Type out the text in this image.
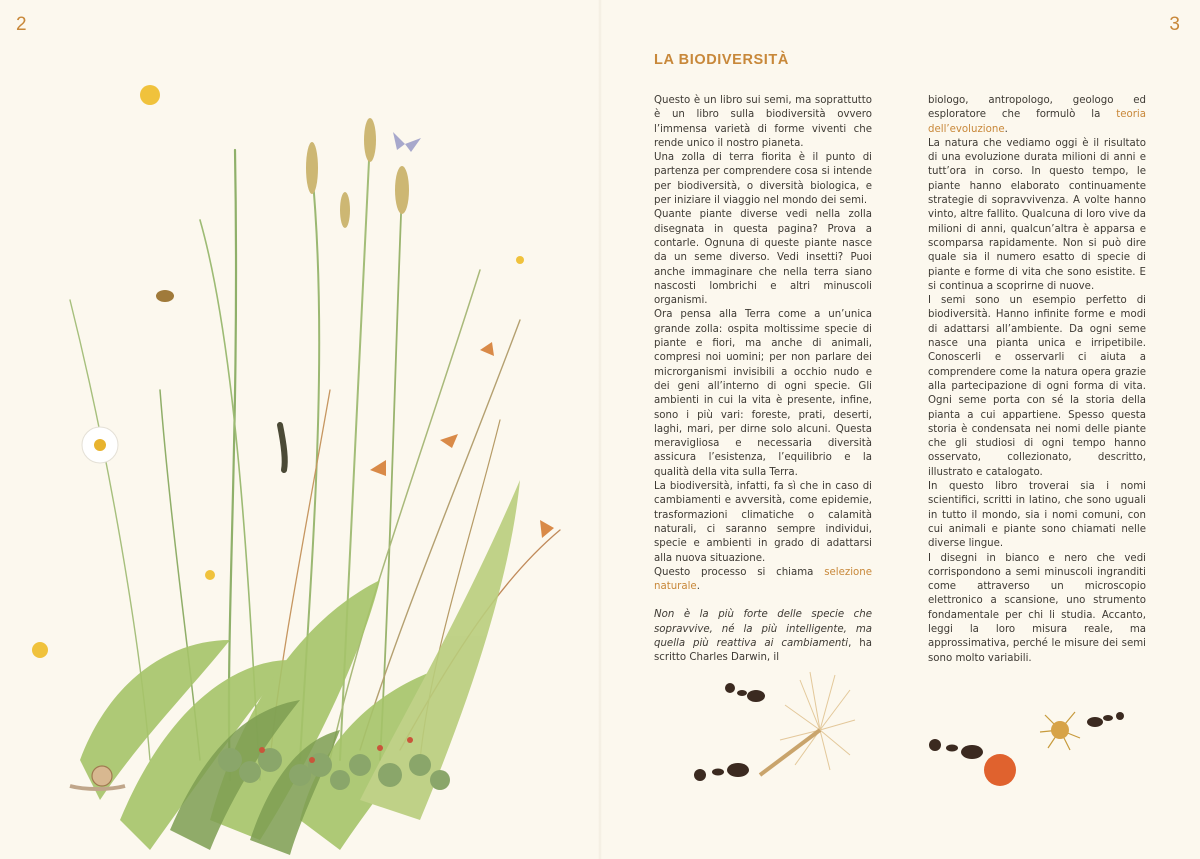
2	3
LA BIODIVERSITÀ

Questo è un libro sui semi, ma soprattutto è un libro sulla biodiversità ovvero l’immensa varietà di forme viventi che rende unico il nostro pianeta.

Una zolla di terra fiorita è il punto di partenza per comprendere cosa si intende per biodiversità, o diversità biologica, e per iniziare il viaggio nel mondo dei semi.

Quante piante diverse vedi nella zolla disegnata in questa pagina? Prova a contarle. Ognuna di queste piante nasce da un seme diverso. Vedi insetti? Puoi anche immaginare che nella terra siano nascosti lombrichi e altri minuscoli organismi.

Ora pensa alla Terra come a un’unica grande zolla: ospita moltissime specie di piante e fiori, ma anche di animali, compresi noi uomini; per non parlare dei microrganismi invisibili a occhio nudo e dei geni all’interno di ogni specie. Gli ambienti in cui la vita è presente, infine, sono i più vari: foreste, prati, deserti, laghi, mari, per dirne solo alcuni. Questa meravigliosa e necessaria diversità assicura l’esistenza, l’equilibrio e la qualità della vita sulla Terra.

La biodiversità, infatti, fa sì che in caso di cambiamenti e avversità, come epidemie, trasformazioni climatiche o calamità naturali, ci saranno sempre individui, specie e ambienti in grado di adattarsi alla nuova situazione.

Questo processo si chiama selezione naturale.

Non è la più forte delle specie che sopravvive, né la più intelligente, ma quella più reattiva ai cambiamenti, ha scritto Charles Darwin, il

biologo, antropologo, geologo ed esploratore che formulò la teoria dell’evoluzione.

La natura che vediamo oggi è il risultato di una evoluzione durata milioni di anni e tutt’ora in corso. In questo tempo, le piante hanno elaborato continuamente strategie di sopravvivenza. A volte hanno vinto, altre fallito. Qualcuna di loro vive da milioni di anni, qualcun’altra è apparsa e scomparsa rapidamente. Non si può dire quale sia il numero esatto di specie di piante e forme di vita che sono esistite. E si continua a scoprirne di nuove.

I semi sono un esempio perfetto di biodiversità. Hanno infinite forme e modi di adattarsi all’ambiente. Da ogni seme nasce una pianta unica e irripetibile. Conoscerli e osservarli ci aiuta a comprendere come la natura opera grazie alla partecipazione di ogni forma di vita. Ogni seme porta con sé la storia della pianta a cui appartiene. Spesso questa storia è condensata nei nomi delle piante che gli studiosi di ogni tempo hanno osservato, collezionato, descritto, illustrato e catalogato.

In questo libro troverai sia i nomi scientifici, scritti in latino, che sono uguali in tutto il mondo, sia i nomi comuni, con cui animali e piante sono chiamati nelle diverse lingue.

I disegni in bianco e nero che vedi corrispondono a semi minuscoli ingranditi come attraverso un microscopio elettronico a scansione, uno strumento fondamentale per chi li studia. Accanto, leggi la loro misura reale, ma approssimativa, perché le misure dei semi sono molto variabili.
